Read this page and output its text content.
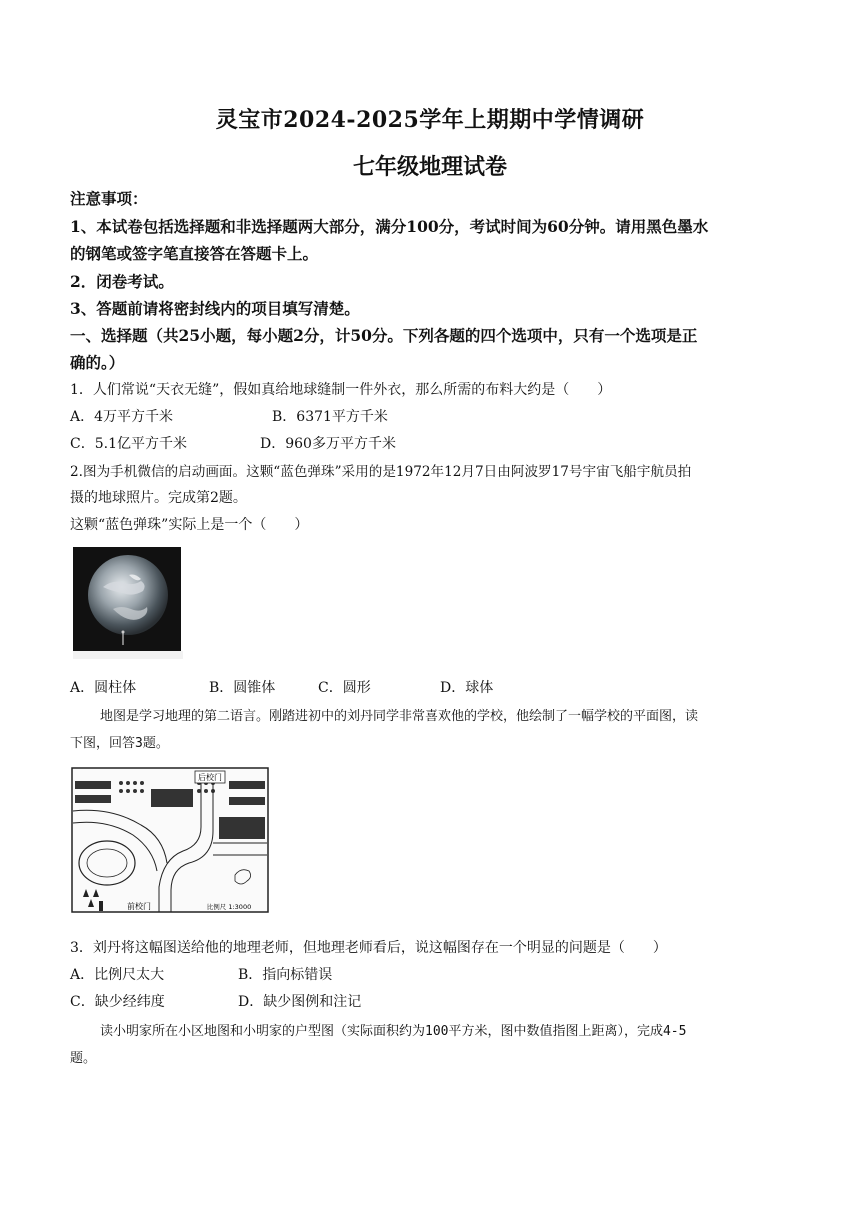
灵宝市2024-2025学年上期期中学情调研
七年级地理试卷
注意事项：
1、本试卷包括选择题和非选择题两大部分，满分100分，考试时间为60分钟。请用黑色墨水
的钢笔或签字笔直接答在答题卡上。
2．闭卷考试。
3、答题前请将密封线内的项目填写清楚。
一、选择题（共25小题，每小题2分，计50分。下列各题的四个选项中，只有一个选项是正
确的。）
1．人们常说“天衣无缝”，假如真给地球缝制一件外衣，那么所需的布料大约是（　　）
A．4万平方千米	B．6371平方千米
C．5.1亿平方千米	D．960多万平方千米
2.图为手机微信的启动画面。这颗“蓝色弹珠”采用的是1972年12月7日由阿波罗17号宇宙飞船宇航员拍
摄的地球照片。完成第2题。
这颗“蓝色弹珠”实际上是一个（　　）
A．圆柱体	B．圆锥体	C．圆形	D．球体
地图是学习地理的第二语言。刚踏进初中的刘丹同学非常喜欢他的学校，他绘制了一幅学校的平面图，读
下图，回答3题。
后校门
前校门	比例尺 1:3000
3．刘丹将这幅图送给他的地理老师，但地理老师看后，说这幅图存在一个明显的问题是（　　）
A．比例尺太大	B．指向标错误
C．缺少经纬度	D．缺少图例和注记
读小明家所在小区地图和小明家的户型图（实际面积约为100平方米，图中数值指图上距离），完成4-5
题。
